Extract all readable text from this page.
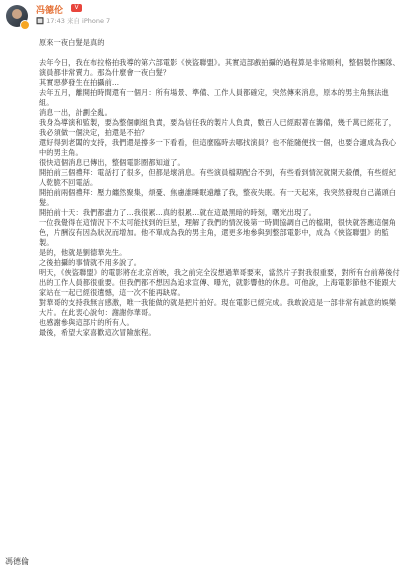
冯德伦	V
🔲 17:43 来自 iPhone 7

原來一夜白髮是真的

去年今日，我在布拉格拍我導的第六部電影《俠盜聯盟》。其實這部戲拍攝的過程算是非常順利，整個製作團隊、演員都非常賣力。那為什麼會一夜白髮？

其實惡夢發生在拍攝前…

去年五月，離開拍時間還有一個月：所有場景、準備、工作人員都確定，突然傳來消息，原本的男主角無法進組。

消息一出，計劃全亂。

我身為導演和監製，要為整個劇組負責，要為信任我的製片人負責，數百人已經跟著在籌備，幾千萬已經花了，我必須做一個決定，拍還是不拍？

還好得到老闆的支持，我們還是撐多一下看看，但這麼臨時去哪找演員？也不能隨便找一個，也要合適成為我心中的男主角。

很快這個消息已傳出，整個電影圈都知道了。

開拍前三個禮拜：電話打了很多，但都是壞消息。有些演員檔期配合不到，有些看到情況就開天殺價，有些經紀人乾脆不回電話。

開拍前兩個禮拜：壓力纏然聚集，煩憂、焦慮誰睡眠遠離了我，整夜失眠。有一天起來，我突然發現自己滿頭白髮。

開拍前十天：我們都盡力了…我很累…真的很累…就在這最黑暗的時刻，曙光出現了。

一位我覺得在這情況下不太可能找到的巨星，理解了我們的情況後第一時間協調自己的檔期，很快就答應這個角色，片酬沒有因為狀況而增加。他不單成為我的男主角，還更多地參與到整部電影中，成為《俠盜聯盟》的監製。

是的，他就是劉德華先生。

之後拍攝的事情就不用多說了。

明天，《俠盜聯盟》的電影將在北京首映，我之前完全沒想過華哥要來，當然片子對我很重要，對所有台前幕後付出的工作人員都很重要。但我們都不想因為追求宣傳、曝光，就影響他的休息。可他說，上海電影節他不能跟大家站在一起已經很遺憾，這一次不能再缺席。

對華哥的支持我無言感激，唯一我能做的就是把片拍好。現在電影已經完成。我敢說這是一部非常有誠意的娛樂大片。在此衷心說句：謝謝你華哥。

也感謝參與這部片的所有人。

最後，希望大家喜歡這次冒險旅程。

馮德倫
